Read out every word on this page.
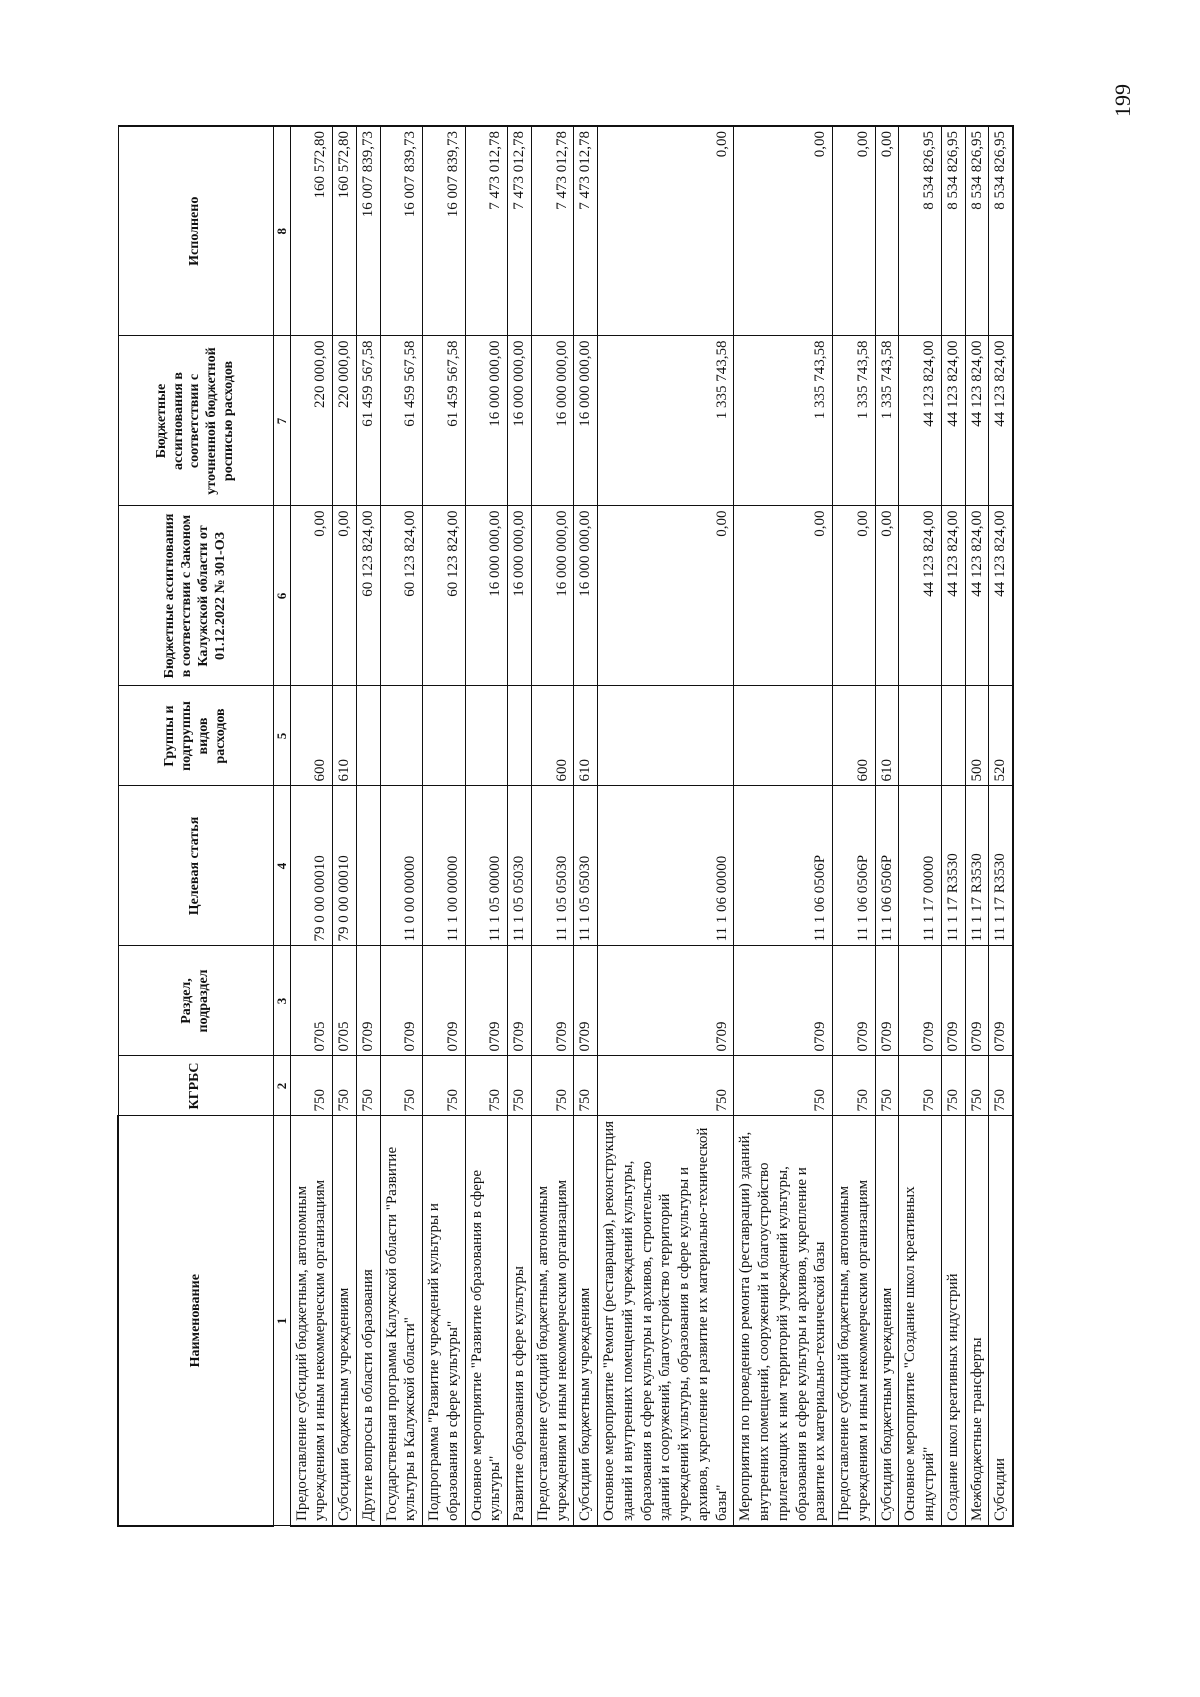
199
Наименование	КГРБС	Раздел, подраздел	Целевая статья	Группы и подгруппы видов расходов	Бюджетные ассигнования в соответствии с Законом Калужской области от 01.12.2022 № 301-ОЗ	Бюджетные ассигнования в соответствии с уточненной бюджетной росписью расходов	Исполнено
1	2	3	4	5	6	7	8
Предоставление субсидий бюджетным, автономным учреждениям и иным некоммерческим организациям	750	0705	79 0 00 00010	600	0,00	220 000,00	160 572,80
Субсидии бюджетным учреждениям	750	0705	79 0 00 00010	610	0,00	220 000,00	160 572,80
Другие вопросы в области образования	750	0709			60 123 824,00	61 459 567,58	16 007 839,73
Государственная программа Калужской области "Развитие культуры в Калужской области"	750	0709	11 0 00 00000		60 123 824,00	61 459 567,58	16 007 839,73
Подпрограмма "Развитие учреждений культуры и образования в сфере культуры"	750	0709	11 1 00 00000		60 123 824,00	61 459 567,58	16 007 839,73
Основное мероприятие "Развитие образования в сфере культуры"	750	0709	11 1 05 00000		16 000 000,00	16 000 000,00	7 473 012,78
Развитие образования в сфере культуры	750	0709	11 1 05 05030		16 000 000,00	16 000 000,00	7 473 012,78
Предоставление субсидий бюджетным, автономным учреждениям и иным некоммерческим организациям	750	0709	11 1 05 05030	600	16 000 000,00	16 000 000,00	7 473 012,78
Субсидии бюджетным учреждениям	750	0709	11 1 05 05030	610	16 000 000,00	16 000 000,00	7 473 012,78
Основное мероприятие "Ремонт (реставрация), реконструкция зданий и внутренних помещений учреждений культуры, образования в сфере культуры и архивов, строительство зданий и сооружений, благоустройство территорий учреждений культуры, образования в сфере культуры и архивов, укрепление и развитие их материально-технической базы"	750	0709	11 1 06 00000		0,00	1 335 743,58	0,00
Мероприятия по проведению ремонта (реставрации) зданий, внутренних помещений, сооружений и благоустройство прилегающих к ним территорий учреждений культуры, образования в сфере культуры и архивов, укрепление и развитие их материально-технической базы	750	0709	11 1 06 0506Р		0,00	1 335 743,58	0,00
Предоставление субсидий бюджетным, автономным учреждениям и иным некоммерческим организациям	750	0709	11 1 06 0506Р	600	0,00	1 335 743,58	0,00
Субсидии бюджетным учреждениям	750	0709	11 1 06 0506Р	610	0,00	1 335 743,58	0,00
Основное мероприятие "Создание школ креативных индустрий"	750	0709	11 1 17 00000		44 123 824,00	44 123 824,00	8 534 826,95
Создание школ креативных индустрий	750	0709	11 1 17 R3530		44 123 824,00	44 123 824,00	8 534 826,95
Межбюджетные трансферты	750	0709	11 1 17 R3530	500	44 123 824,00	44 123 824,00	8 534 826,95
Субсидии	750	0709	11 1 17 R3530	520	44 123 824,00	44 123 824,00	8 534 826,95
